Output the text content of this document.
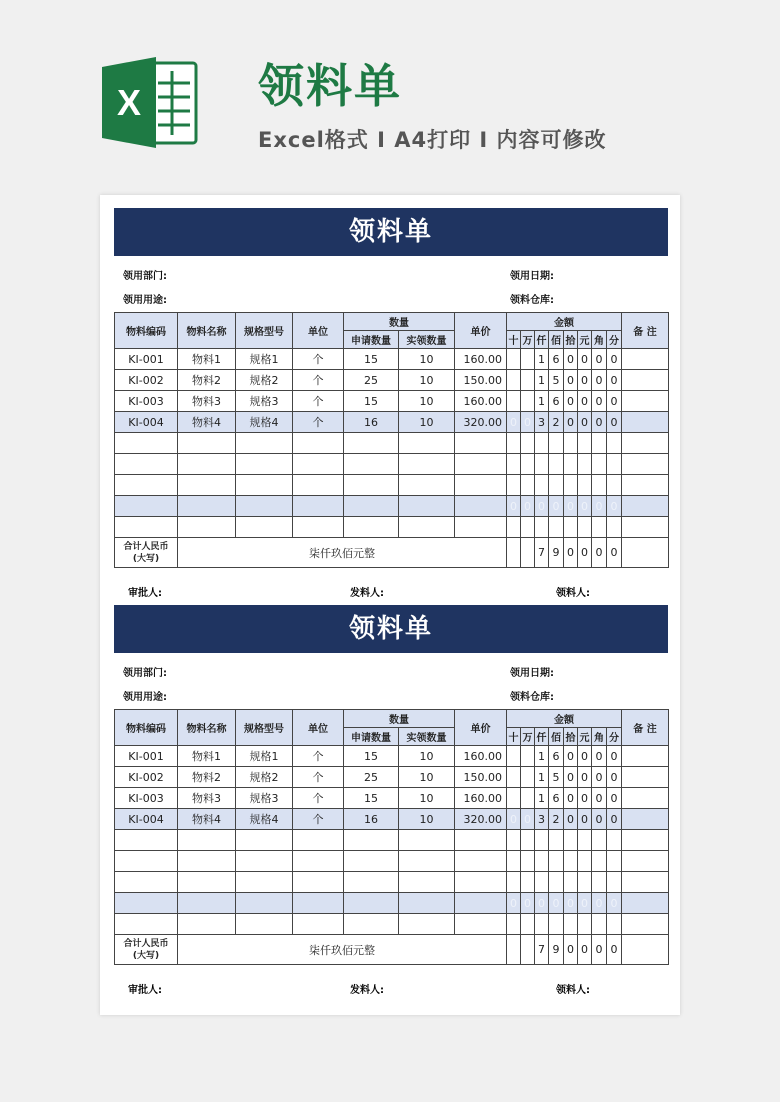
X	领料单
Excel格式 I A4打印 I 内容可修改
领料单
领用部门:	领用日期:
领用用途:	领料仓库:
物料编码	物料名称	规格型号	单位	数量		单价	金额								备 注
				申请数量	实领数量		十	万	仟	佰	拾	元	角	分	
KI-001	物料1	规格1	个	15	10	160.00			1	6	0	0	0	0	
KI-002	物料2	规格2	个	25	10	150.00			1	5	0	0	0	0	
KI-003	物料3	规格3	个	15	10	160.00			1	6	0	0	0	0	
KI-004	物料4	规格4	个	16	10	320.00	0	0	3	2	0	0	0	0	

							0	0	0	0	0	0	0	0	

合计人民币
(大写)	柒仟玖佰元整								7	9	0	0	0	0	
审批人:	发料人:	领料人:
领料单
领用部门:	领用日期:
领用用途:	领料仓库:
物料编码	物料名称	规格型号	单位	数量		单价	金额								备 注
				申请数量	实领数量		十	万	仟	佰	拾	元	角	分	
KI-001	物料1	规格1	个	15	10	160.00			1	6	0	0	0	0	
KI-002	物料2	规格2	个	25	10	150.00			1	5	0	0	0	0	
KI-003	物料3	规格3	个	15	10	160.00			1	6	0	0	0	0	
KI-004	物料4	规格4	个	16	10	320.00	0	0	3	2	0	0	0	0	

							0	0	0	0	0	0	0	0	

合计人民币
(大写)	柒仟玖佰元整								7	9	0	0	0	0	
审批人:	发料人:	领料人:
